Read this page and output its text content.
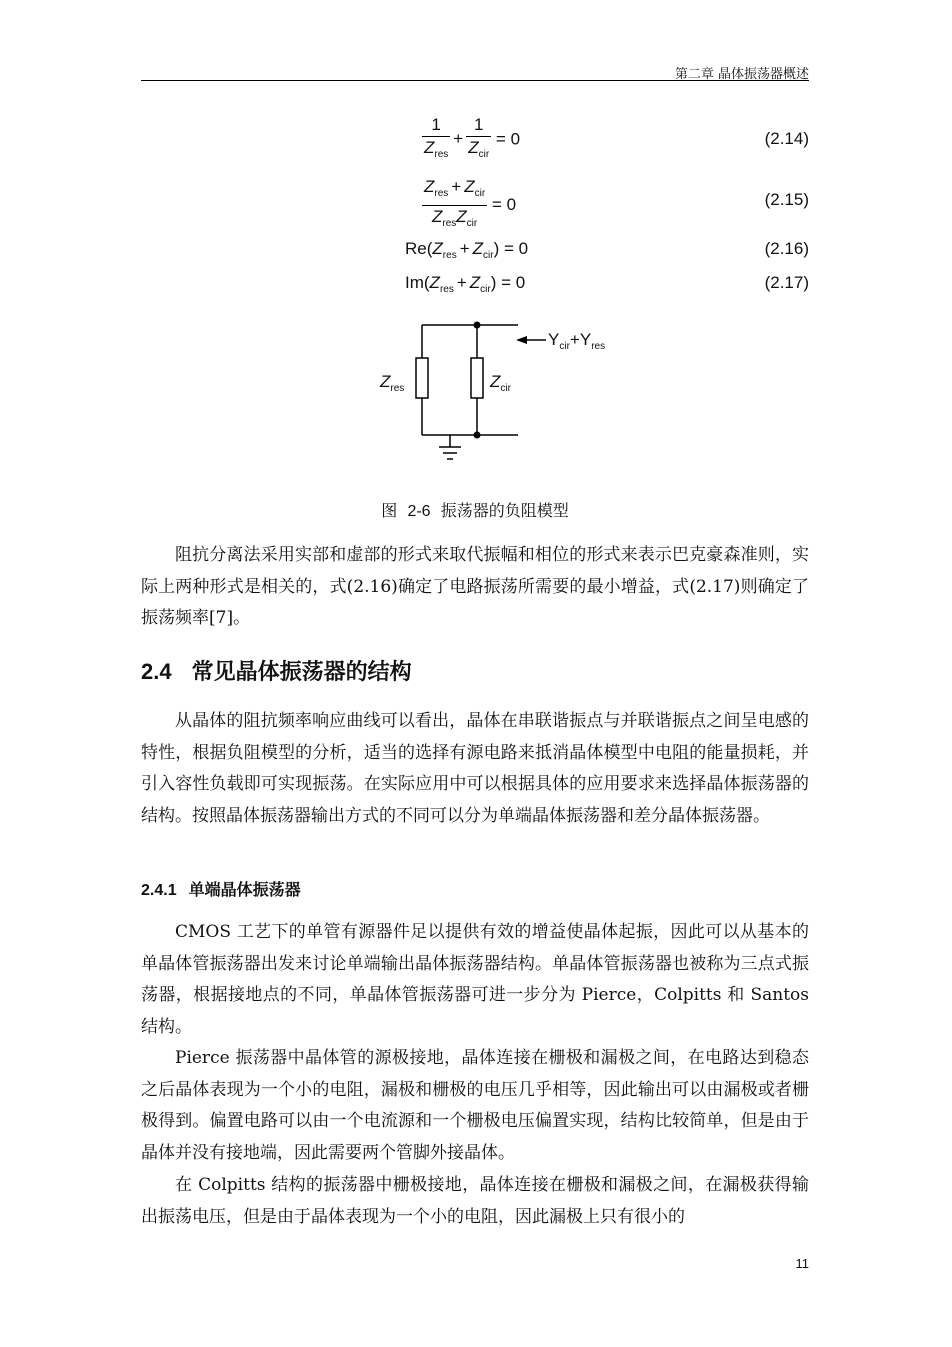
第二章 晶体振荡器概述
$\frac{1}{Z_{res}} + \frac{1}{Z_{cir}} = 0$	(2.14)
$\frac{Z_{res} + Z_{cir}}{Z_{res}Z_{cir}} = 0$	(2.15)
$Re(Z_{res} + Z_{cir}) = 0$	(2.16)
$Im(Z_{res} + Z_{cir}) = 0$	(2.17)
$Z_{res}$	$Z_{cir}$
$Y_{cir}+Y_{res}$
图 2-6 振荡器的负阻模型

阻抗分离法采用实部和虚部的形式来取代振幅和相位的形式来表示巴克豪森准则，实际上两种形式是相关的，式(2.16)确定了电路振荡所需要的最小增益，式(2.17)则确定了振荡频率[7]。

2.4 常见晶体振荡器的结构

从晶体的阻抗频率响应曲线可以看出，晶体在串联谐振点与并联谐振点之间呈电感的特性，根据负阻模型的分析，适当的选择有源电路来抵消晶体模型中电阻的能量损耗，并引入容性负载即可实现振荡。在实际应用中可以根据具体的应用要求来选择晶体振荡器的结构。按照晶体振荡器输出方式的不同可以分为单端晶体振荡器和差分晶体振荡器。

2.4.1 单端晶体振荡器

CMOS 工艺下的单管有源器件足以提供有效的增益使晶体起振，因此可以从基本的单晶体管振荡器出发来讨论单端输出晶体振荡器结构。单晶体管振荡器也被称为三点式振荡器，根据接地点的不同，单晶体管振荡器可进一步分为 Pierce，Colpitts 和 Santos 结构。

Pierce 振荡器中晶体管的源极接地，晶体连接在栅极和漏极之间，在电路达到稳态之后晶体表现为一个小的电阻，漏极和栅极的电压几乎相等，因此输出可以由漏极或者栅极得到。偏置电路可以由一个电流源和一个栅极电压偏置实现，结构比较简单，但是由于晶体并没有接地端，因此需要两个管脚外接晶体。

在 Colpitts 结构的振荡器中栅极接地，晶体连接在栅极和漏极之间，在漏极获得输出振荡电压，但是由于晶体表现为一个小的电阻，因此漏极上只有很小的

11
